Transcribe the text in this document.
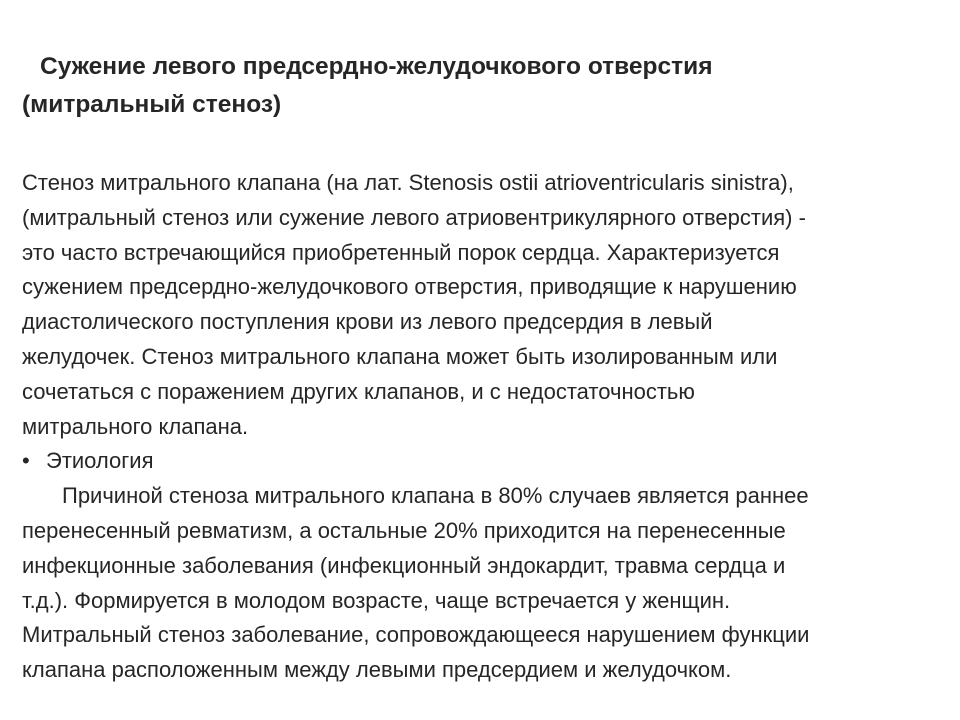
Сужение левого предсердно-желудочкового отверстия
(митральный стеноз)
Стеноз митрального клапана (на лат. Stenosis ostii atrioventricularis sinistra),
(митральный стеноз или сужение левого атриовентрикулярного отверстия) -
это часто встречающийся приобретенный порок сердца. Характеризуется
сужением предсердно-желудочкового отверстия, приводящие к нарушению
диастолического поступления крови из левого предсердия в левый
желудочек. Стеноз митрального клапана может быть изолированным или
сочетаться с поражением других клапанов, и с недостаточностью
митрального клапана.
• Этиология
Причиной стеноза митрального клапана в 80% случаев является раннее
перенесенный ревматизм, а остальные 20% приходится на перенесенные
инфекционные заболевания (инфекционный эндокардит, травма сердца и
т.д.). Формируется в молодом возрасте, чаще встречается у женщин.
Митральный стеноз заболевание, сопровождающееся нарушением функции
клапана расположенным между левыми предсердием и желудочком.
